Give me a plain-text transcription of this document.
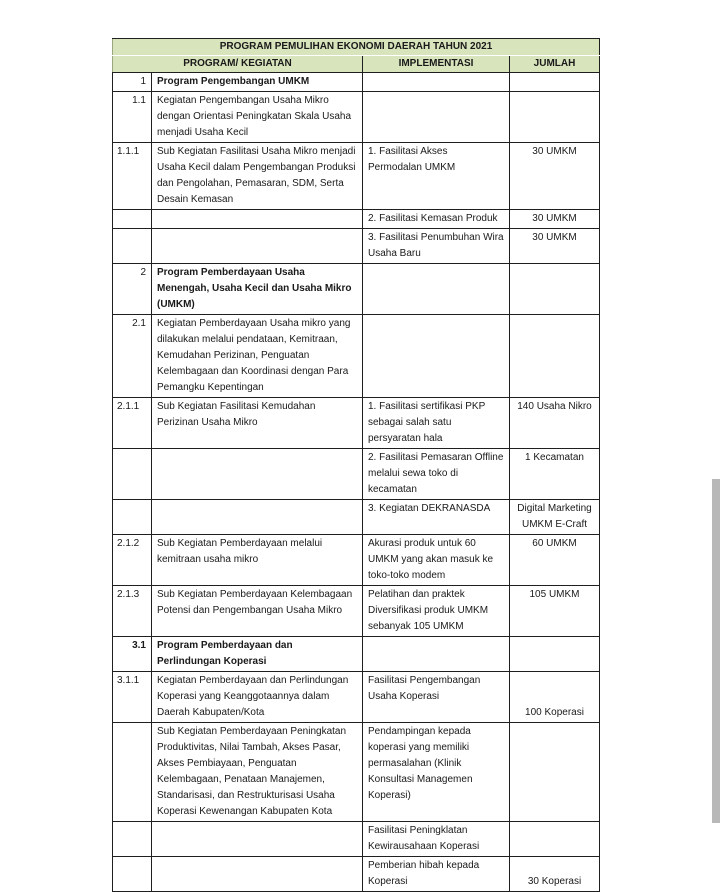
PROGRAM PEMULIHAN EKONOMI DAERAH TAHUN 2021			
PROGRAM/ KEGIATAN		IMPLEMENTASI	JUMLAH
1	Program Pengembangan UMKM		
1.1	Kegiatan Pengembangan Usaha Mikro dengan Orientasi Peningkatan Skala Usaha menjadi Usaha Kecil		
1.1.1	Sub Kegiatan Fasilitasi Usaha Mikro menjadi Usaha Kecil dalam Pengembangan Produksi dan Pengolahan, Pemasaran, SDM, Serta Desain Kemasan	1. Fasilitasi Akses Permodalan UMKM	30 UMKM
		2. Fasilitasi Kemasan Produk	30 UMKM
		3. Fasilitasi Penumbuhan Wira Usaha Baru	30 UMKM
2	Program Pemberdayaan Usaha Menengah, Usaha Kecil dan Usaha Mikro (UMKM)		
2.1	Kegiatan Pemberdayaan Usaha mikro yang dilakukan melalui pendataan, Kemitraan, Kemudahan Perizinan, Penguatan Kelembagaan dan Koordinasi dengan Para Pemangku Kepentingan		
2.1.1	Sub Kegiatan Fasilitasi Kemudahan Perizinan Usaha Mikro	1. Fasilitasi sertifikasi PKP sebagai salah satu persyaratan hala	140 Usaha Nikro
		2. Fasilitasi Pemasaran Offline melalui sewa toko di kecamatan	1 Kecamatan
		3. Kegiatan DEKRANASDA	Digital Marketing UMKM E-Craft
2.1.2	Sub Kegiatan Pemberdayaan melalui kemitraan usaha mikro	Akurasi produk untuk 60 UMKM yang akan masuk ke toko-toko modem	60 UMKM
2.1.3	Sub Kegiatan Pemberdayaan Kelembagaan Potensi dan Pengembangan Usaha Mikro	Pelatihan dan praktek Diversifikasi produk UMKM sebanyak 105 UMKM	105 UMKM
3.1	Program Pemberdayaan dan Perlindungan Koperasi		
3.1.1	Kegiatan Pemberdayaan dan Perlindungan Koperasi yang Keanggotaannya dalam Daerah Kabupaten/Kota	Fasilitasi Pengembangan Usaha Koperasi	100 Koperasi
	Sub Kegiatan Pemberdayaan Peningkatan Produktivitas, Nilai Tambah, Akses Pasar, Akses Pembiayaan, Penguatan Kelembagaan, Penataan Manajemen, Standarisasi, dan Restrukturisasi Usaha Koperasi Kewenangan Kabupaten Kota	Pendampingan kepada koperasi yang memiliki permasalahan (Klinik Konsultasi Managemen Koperasi)	
		Fasilitasi Peningklatan Kewirausahaan Koperasi	
		Pemberian hibah kepada Koperasi	30 Koperasi
